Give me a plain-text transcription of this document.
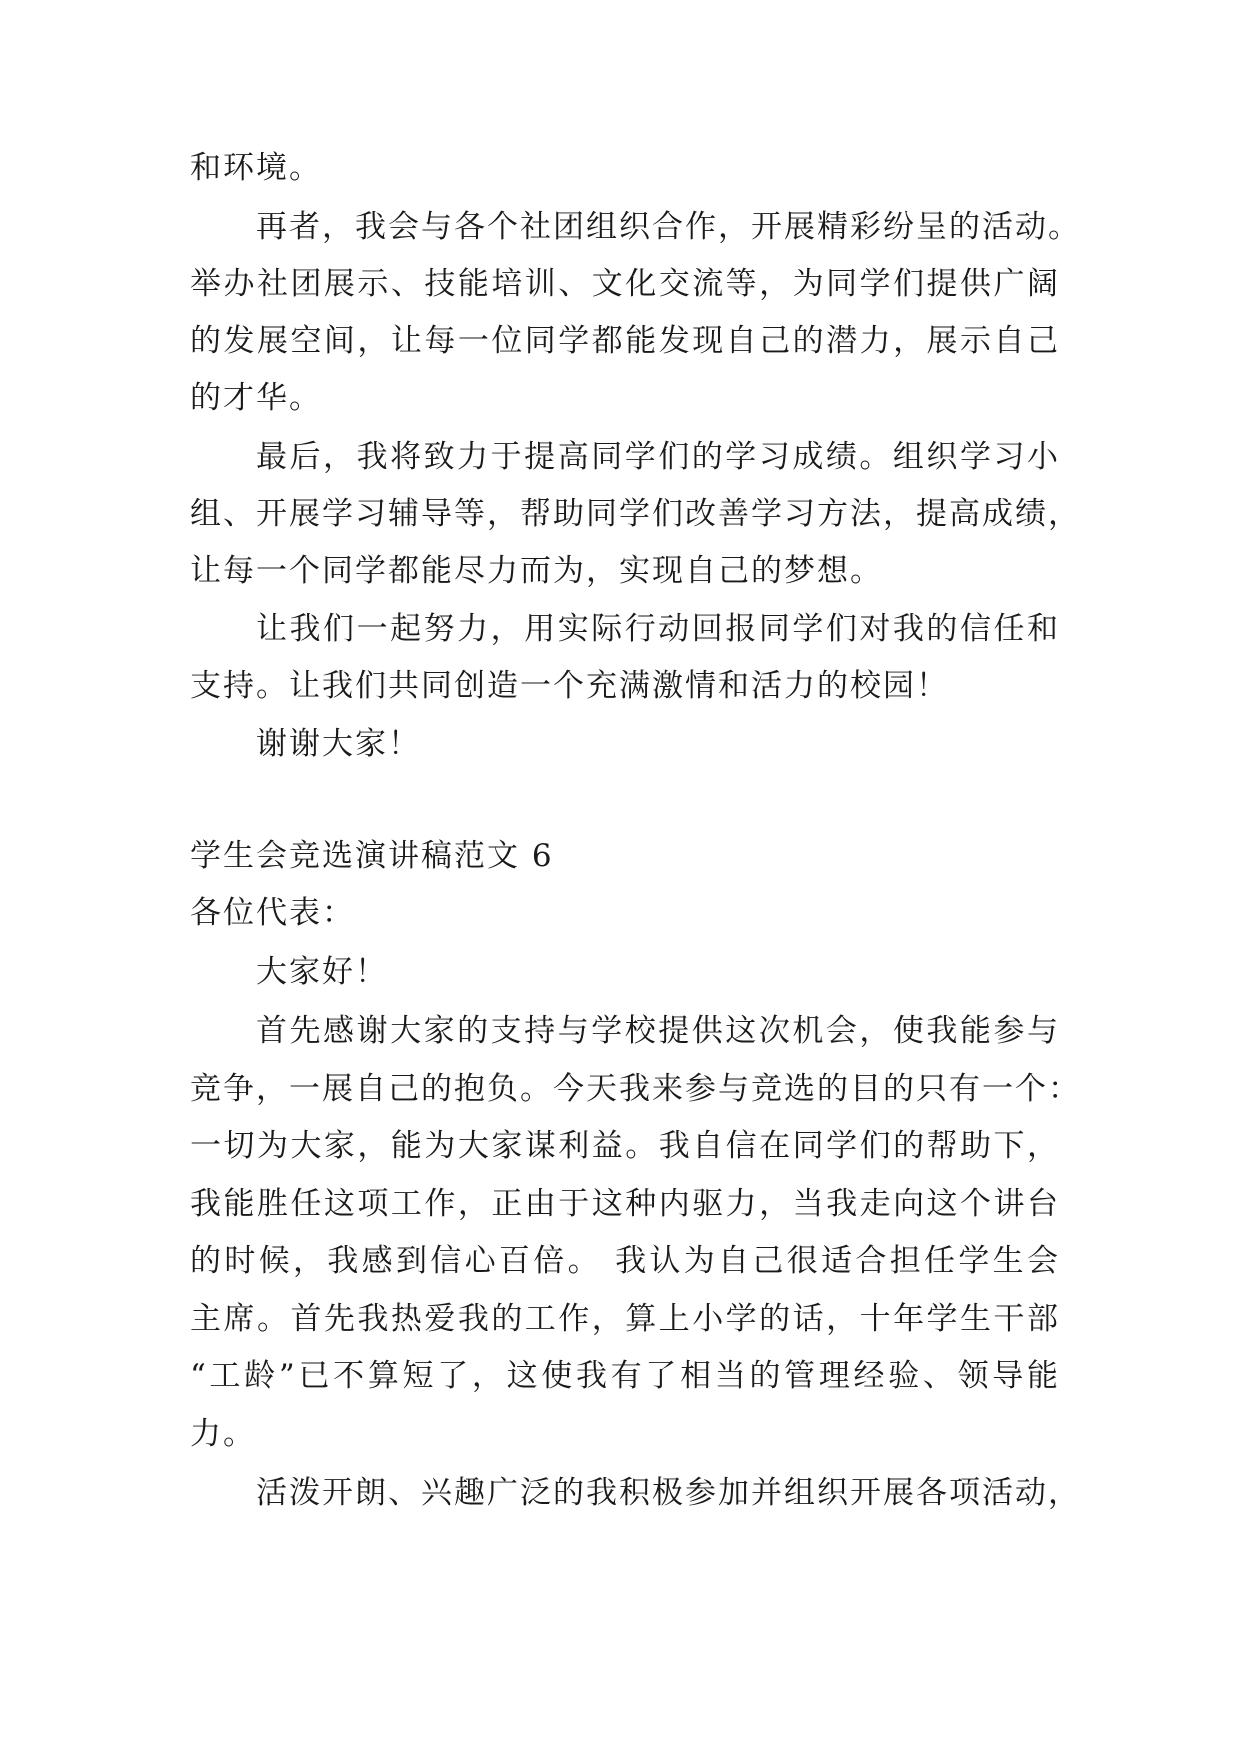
和环境。
再者，我会与各个社团组织合作，开展精彩纷呈的活动。
举办社团展示、技能培训、文化交流等，为同学们提供广阔
的发展空间，让每一位同学都能发现自己的潜力，展示自己
的才华。
最后，我将致力于提高同学们的学习成绩。组织学习小
组、开展学习辅导等，帮助同学们改善学习方法，提高成绩，
让每一个同学都能尽力而为，实现自己的梦想。
让我们一起努力，用实际行动回报同学们对我的信任和
支持。让我们共同创造一个充满激情和活力的校园！
谢谢大家！
学生会竞选演讲稿范文 6
各位代表：
大家好！
首先感谢大家的支持与学校提供这次机会，使我能参与
竞争，一展自己的抱负。今天我来参与竞选的目的只有一个：
一切为大家，能为大家谋利益。我自信在同学们的帮助下，
我能胜任这项工作，正由于这种内驱力，当我走向这个讲台
的时候，我感到信心百倍。 我认为自己很适合担任学生会
主席。首先我热爱我的工作，算上小学的话，十年学生干部
“工龄”已不算短了，这使我有了相当的管理经验、领导能
力。
活泼开朗、兴趣广泛的我积极参加并组织开展各项活动，
